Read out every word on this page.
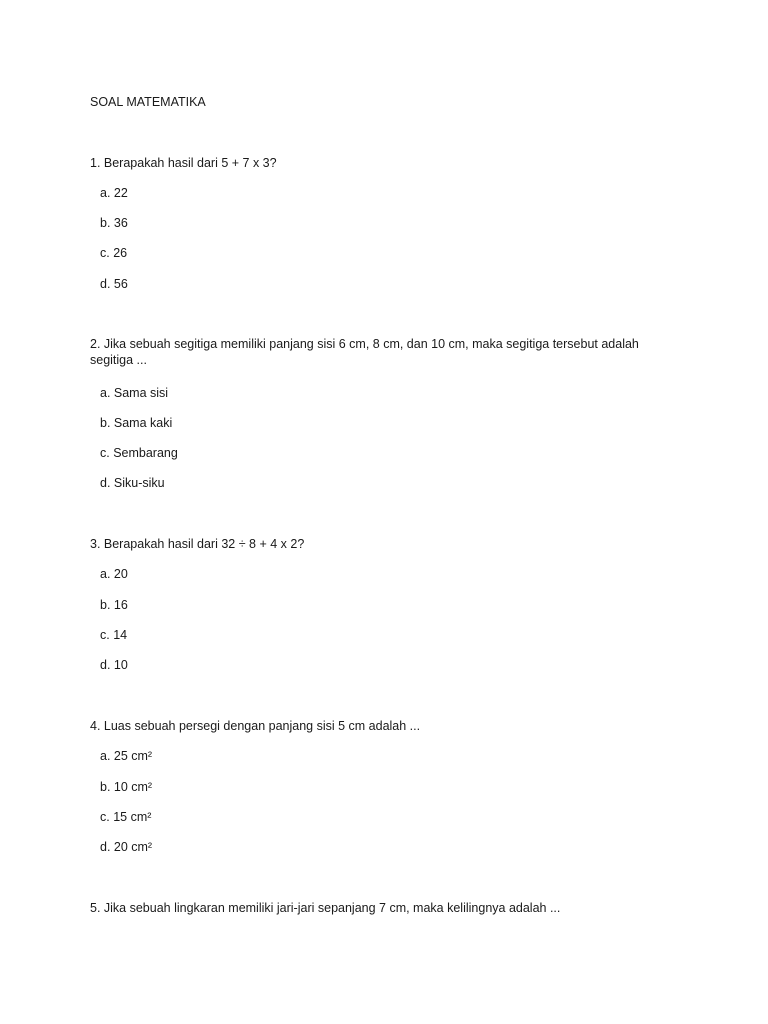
SOAL MATEMATIKA

1. Berapakah hasil dari 5 + 7 x 3?

a. 22

b. 36

c. 26

d. 56

2. Jika sebuah segitiga memiliki panjang sisi 6 cm, 8 cm, dan 10 cm, maka segitiga tersebut adalah segitiga ...

a. Sama sisi

b. Sama kaki

c. Sembarang

d. Siku-siku

3. Berapakah hasil dari 32 ÷ 8 + 4 x 2?

a. 20

b. 16

c. 14

d. 10

4. Luas sebuah persegi dengan panjang sisi 5 cm adalah ...

a. 25 cm²

b. 10 cm²

c. 15 cm²

d. 20 cm²

5. Jika sebuah lingkaran memiliki jari-jari sepanjang 7 cm, maka kelilingnya adalah ...
